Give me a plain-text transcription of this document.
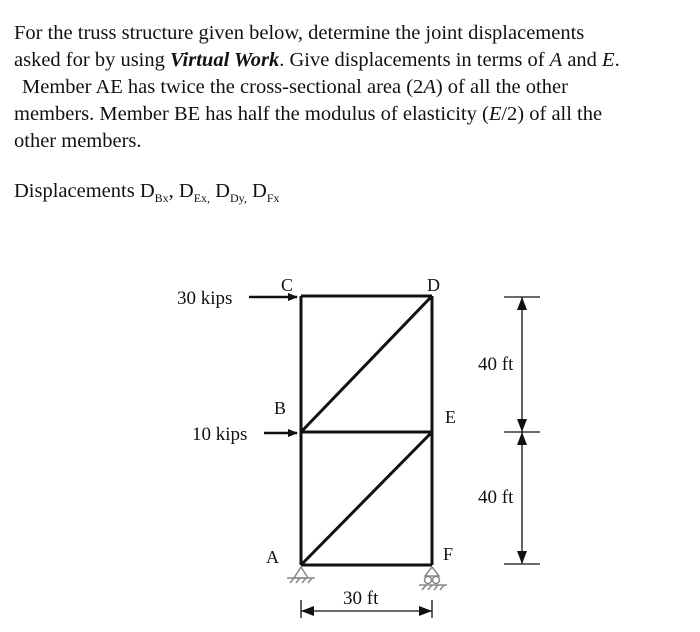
For the truss structure given below, determine the joint displacements
asked for by using Virtual Work. Give displacements in terms of A and E.
Member AE has twice the cross-sectional area (2A) of all the other
members. Member BE has half the modulus of elasticity (E/2) of all the
other members.
Displacements $D_{Bx}$, $D_{Ex,}$ $D_{Dy,}$ $D_{Fx}$
C	D
B	E
A	F
30 kips
10 kips
40 ft
40 ft
30 ft
